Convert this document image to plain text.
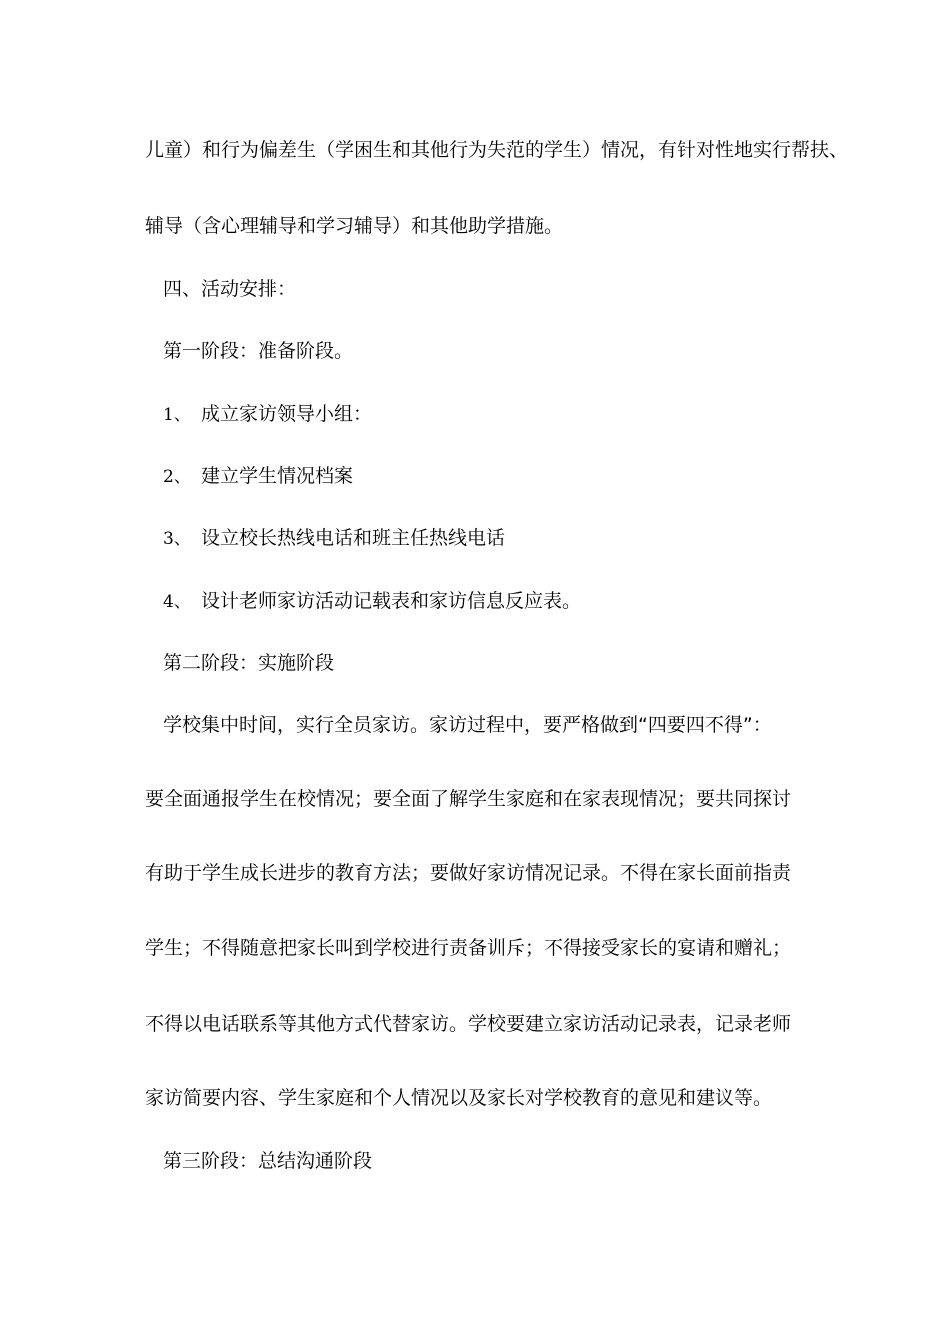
儿童）和行为偏差生（学困生和其他行为失范的学生）情况，有针对性地实行帮扶、
辅导（含心理辅导和学习辅导）和其他助学措施。
四、活动安排：
第一阶段：准备阶段。
1、 成立家访领导小组：
2、 建立学生情况档案
3、 设立校长热线电话和班主任热线电话
4、 设计老师家访活动记载表和家访信息反应表。
第二阶段：实施阶段
学校集中时间，实行全员家访。家访过程中，要严格做到“四要四不得”：
要全面通报学生在校情况；要全面了解学生家庭和在家表现情况；要共同探讨
有助于学生成长进步的教育方法；要做好家访情况记录。不得在家长面前指责
学生；不得随意把家长叫到学校进行责备训斥；不得接受家长的宴请和赠礼；
不得以电话联系等其他方式代替家访。学校要建立家访活动记录表，记录老师
家访简要内容、学生家庭和个人情况以及家长对学校教育的意见和建议等。
第三阶段：总结沟通阶段
